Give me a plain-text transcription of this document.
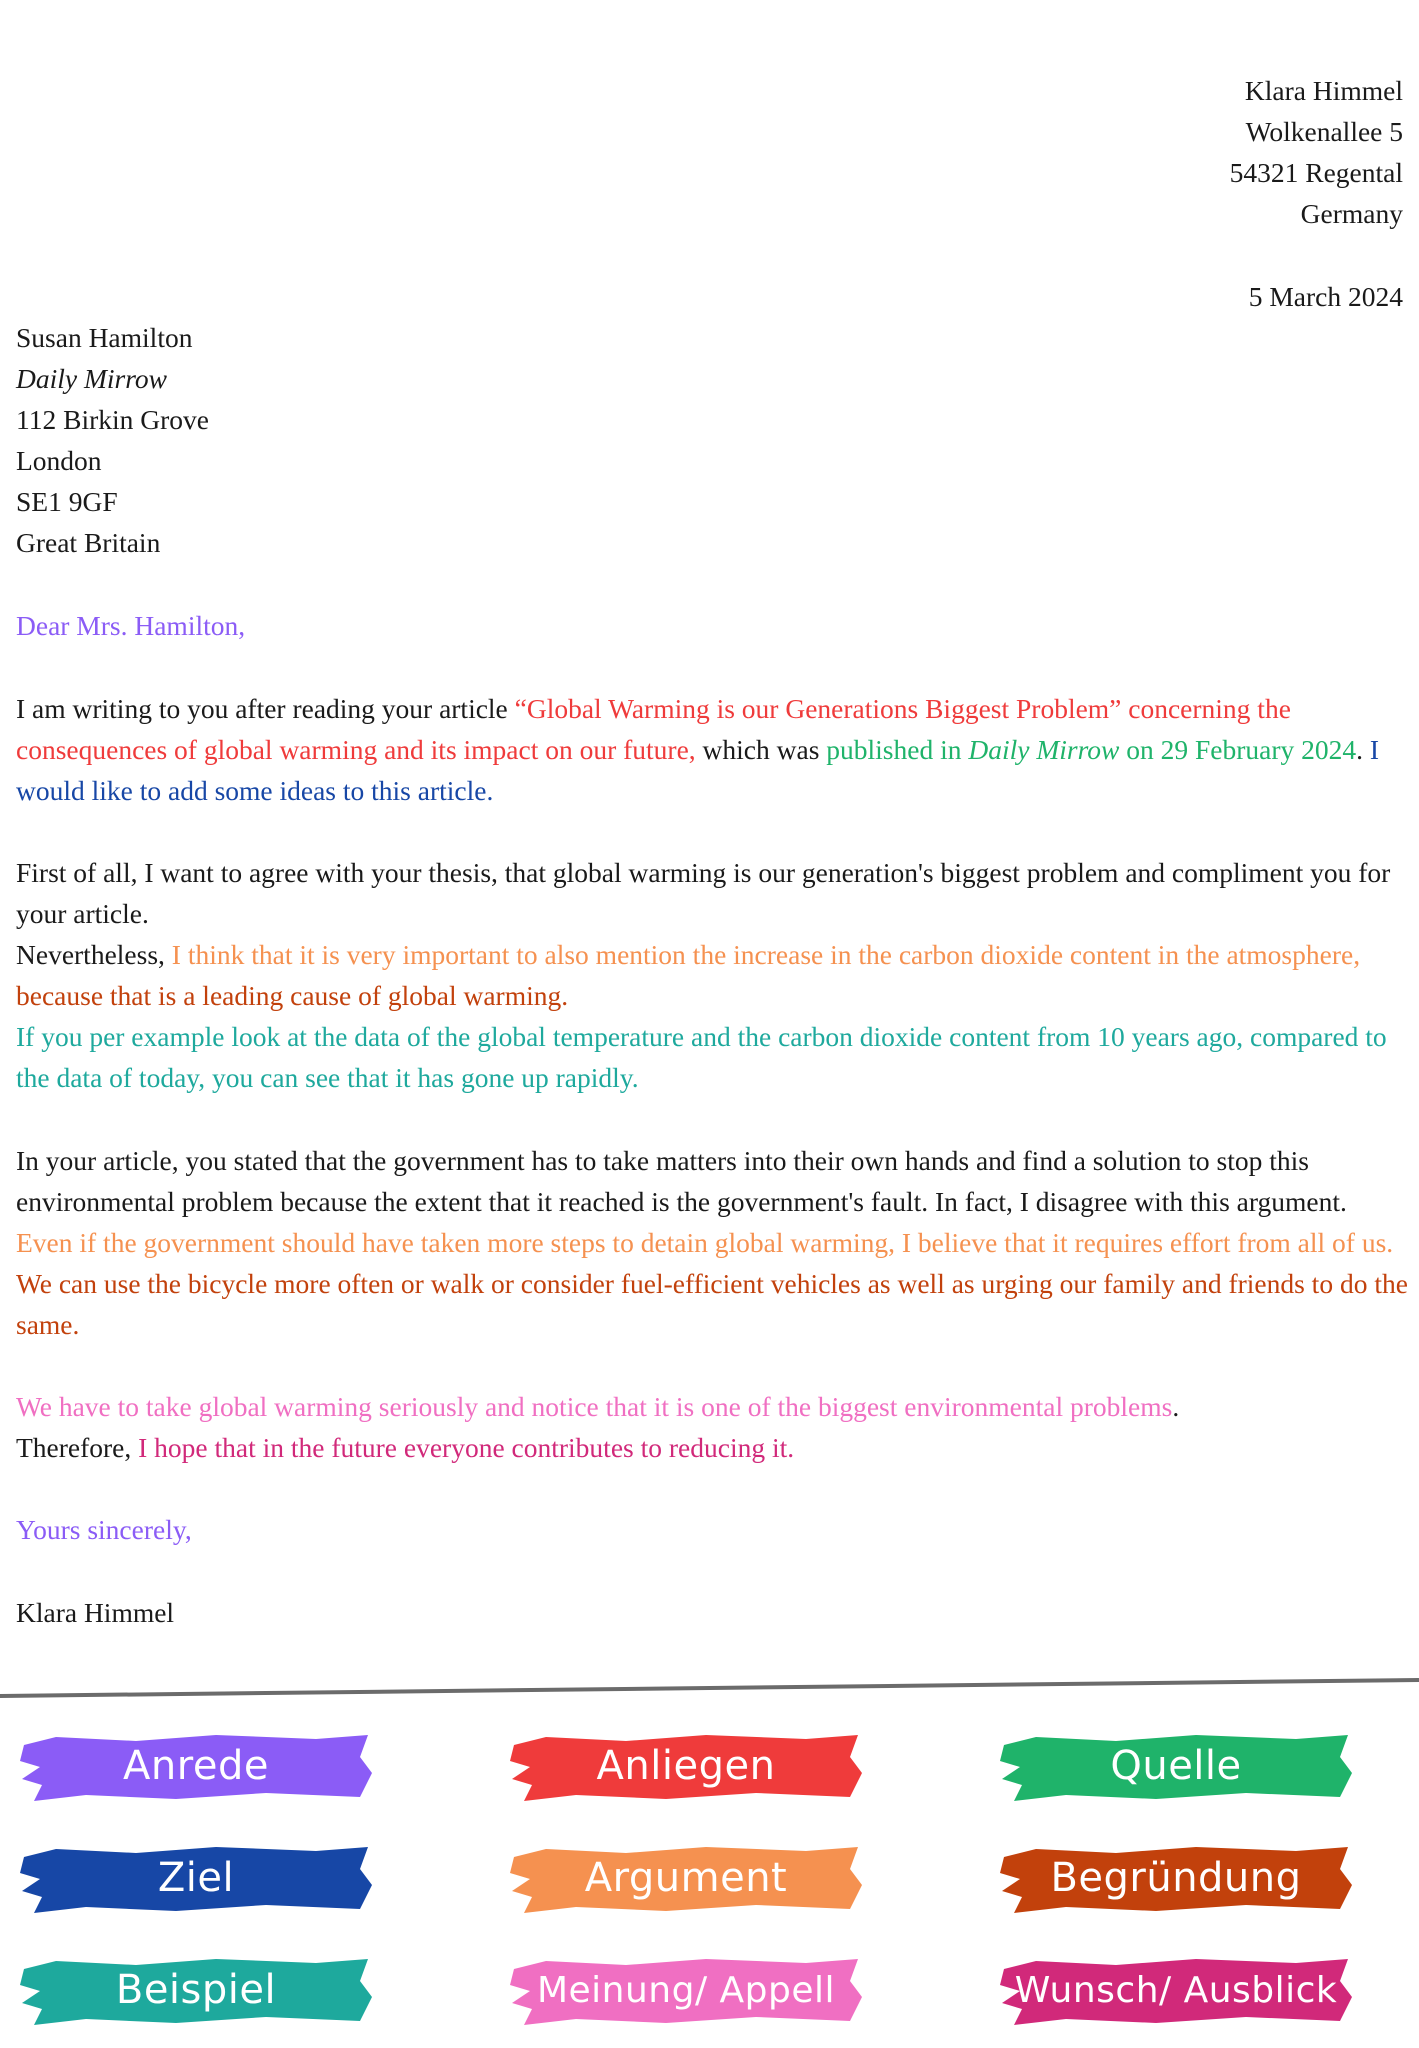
Klara Himmel
Wolkenallee 5
54321 Regental
Germany
5 March 2024
Susan Hamilton
Daily Mirrow
112 Birkin Grove
London
SE1 9GF
Great Britain
Dear Mrs. Hamilton,
I am writing to you after reading your article “Global Warming is our Generations Biggest Problem” concerning the consequences of global warming and its impact on our future, which was published in Daily Mirrow on 29 February 2024. I would like to add some ideas to this article.
First of all, I want to agree with your thesis, that global warming is our generation's biggest problem and compliment you for your article.
Nevertheless, I think that it is very important to also mention the increase in the carbon dioxide content in the atmosphere, because that is a leading cause of global warming.
If you per example look at the data of the global temperature and the carbon dioxide content from 10 years ago, compared to the data of today, you can see that it has gone up rapidly.
In your article, you stated that the government has to take matters into their own hands and find a solution to stop this environmental problem because the extent that it reached is the government's fault. In fact, I disagree with this argument. Even if the government should have taken more steps to detain global warming, I believe that it requires effort from all of us. We can use the bicycle more often or walk or consider fuel-efficient vehicles as well as urging our family and friends to do the same.
We have to take global warming seriously and notice that it is one of the biggest environmental problems.
Therefore, I hope that in the future everyone contributes to reducing it.
Yours sincerely,
Klara Himmel
Anrede	Anliegen	Quelle
Ziel	Argument	Begründung
Beispiel	Meinung/ Appell	Wunsch/ Ausblick
